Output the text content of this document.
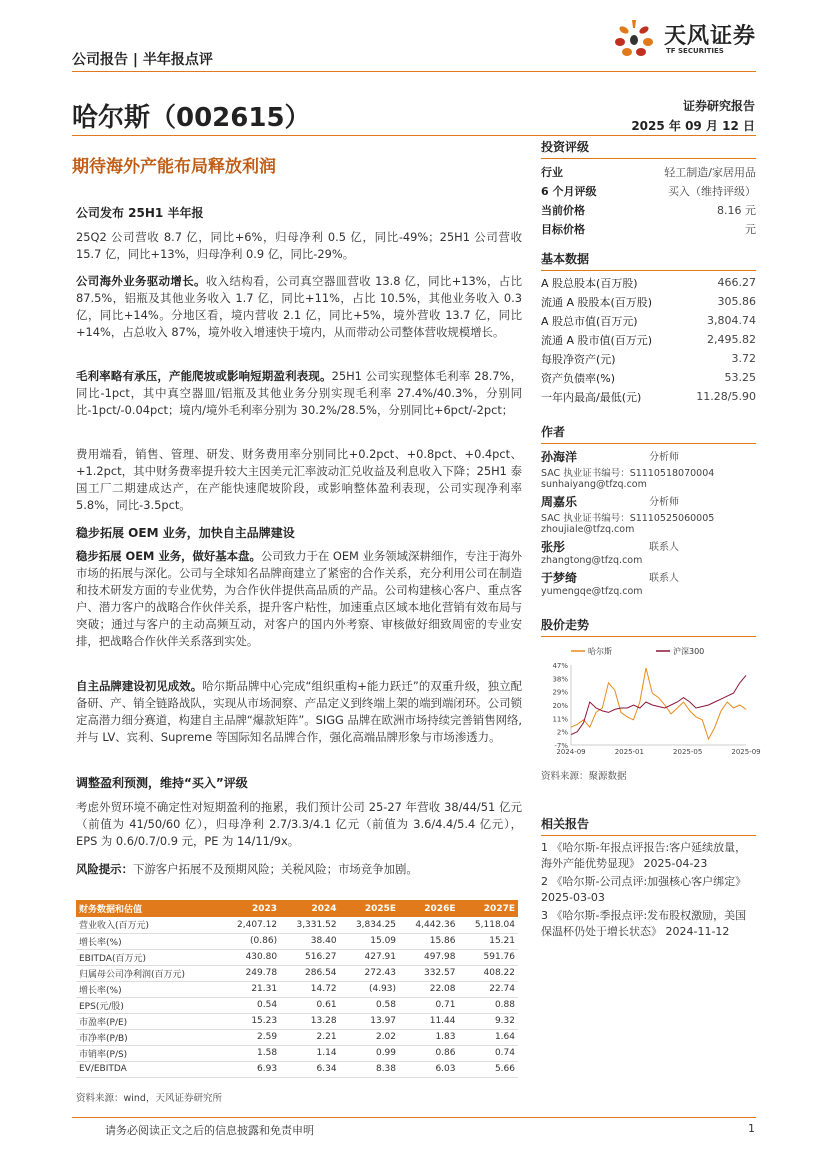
天风证券
TF SECURITIES
公司报告 | 半年报点评
哈尔斯（002615）	证券研究报告
2025 年 09 月 12 日
期待海外产能布局释放利润
公司发布 25H1 半年报
25Q2 公司营收 8.7 亿，同比+6%，归母净利 0.5 亿，同比-49%；25H1 公司营收 15.7 亿，同比+13%，归母净利 0.9 亿，同比-29%。
公司海外业务驱动增长。收入结构看，公司真空器皿营收 13.8 亿，同比+13%，占比 87.5%，铝瓶及其他业务收入 1.7 亿，同比+11%，占比 10.5%，其他业务收入 0.3 亿，同比+14%。分地区看，境内营收 2.1 亿，同比+5%，境外营收 13.7 亿，同比+14%，占总收入 87%，境外收入增速快于境内，从而带动公司整体营收规模增长。
毛利率略有承压，产能爬坡或影响短期盈利表现。25H1 公司实现整体毛利率 28.7%，同比-1pct，其中真空器皿/铝瓶及其他业务分别实现毛利率 27.4%/40.3%，分别同比-1pct/-0.04pct；境内/境外毛利率分别为 30.2%/28.5%，分别同比+6pct/-2pct；
费用端看，销售、管理、研发、财务费用率分别同比+0.2pct、+0.8pct、+0.4pct、+1.2pct，其中财务费率提升较大主因美元汇率波动汇兑收益及利息收入下降；25H1 泰国工厂二期建成达产，在产能快速爬坡阶段，或影响整体盈利表现，公司实现净利率 5.8%，同比-3.5pct。
稳步拓展 OEM 业务，加快自主品牌建设
稳步拓展 OEM 业务，做好基本盘。公司致力于在 OEM 业务领域深耕细作，专注于海外市场的拓展与深化。公司与全球知名品牌商建立了紧密的合作关系，充分利用公司在制造和技术研发方面的专业优势，为合作伙伴提供高品质的产品。公司构建核心客户、重点客户、潜力客户的战略合作伙伴关系，提升客户粘性，加速重点区域本地化营销有效布局与突破；通过与客户的主动高频互动，对客户的国内外考察、审核做好细致周密的专业安排，把战略合作伙伴关系落到实处。
自主品牌建设初见成效。哈尔斯品牌中心完成“组织重构+能力跃迁”的双重升级，独立配备研、产、销全链路战队，实现从市场洞察、产品定义到终端上架的端到端闭环。公司锁定高潜力细分赛道，构建自主品牌“爆款矩阵”。SIGG 品牌在欧洲市场持续完善销售网络,并与 LV、宾利、Supreme 等国际知名品牌合作，强化高端品牌形象与市场渗透力。
调整盈利预测，维持“买入”评级
考虑外贸环境不确定性对短期盈利的拖累，我们预计公司 25-27 年营收 38/44/51 亿元（前值为 41/50/60 亿），归母净利 2.7/3.3/4.1 亿元（前值为 3.6/4.4/5.4 亿元），EPS 为 0.6/0.7/0.9 元，PE 为 14/11/9x。
风险提示：下游客户拓展不及预期风险；关税风险；市场竞争加剧。
财务数据和估值	2023	2024	2025E	2026E	2027E
营业收入(百万元)	2,407.12	3,331.52	3,834.25	4,442.36	5,118.04
增长率(%)	(0.86)	38.40	15.09	15.86	15.21
EBITDA(百万元)	430.80	516.27	427.91	497.98	591.76
归属母公司净利润(百万元)	249.78	286.54	272.43	332.57	408.22
增长率(%)	21.31	14.72	(4.93)	22.08	22.74
EPS(元/股)	0.54	0.61	0.58	0.71	0.88
市盈率(P/E)	15.23	13.28	13.97	11.44	9.32
市净率(P/B)	2.59	2.21	2.02	1.83	1.64
市销率(P/S)	1.58	1.14	0.99	0.86	0.74
EV/EBITDA	6.93	6.34	8.38	6.03	5.66
资料来源：wind，天风证券研究所
投资评级
行业	轻工制造/家居用品
6 个月评级	买入（维持评级）
当前价格	8.16 元
目标价格	元
基本数据
A 股总股本(百万股)	466.27
流通 A 股股本(百万股)	305.86
A 股总市值(百万元)	3,804.74
流通 A 股市值(百万元)	2,495.82
每股净资产(元)	3.72
资产负债率(%)	53.25
一年内最高/最低(元)	11.28/5.90
作者
孙海洋	分析师
SAC 执业证书编号：S1110518070004
sunhaiyang@tfzq.com
周嘉乐	分析师
SAC 执业证书编号：S1110525060005
zhoujiale@tfzq.com
张彤	联系人
zhangtong@tfzq.com
于梦绮	联系人
yumengqe@tfzq.com
股价走势
47%
38%
29%
20%
11%
2%
-7%
2024-09	2025-01	2025-05	2025-09
哈尔斯	沪深300
资料来源：聚源数据
相关报告
1 《哈尔斯-年报点评报告:客户延续放量，海外产能优势显现》 2025-04-23
2 《哈尔斯-公司点评:加强核心客户绑定》 2025-03-03
3 《哈尔斯-季报点评:发布股权激励，美国保温杯仍处于增长状态》 2024-11-12
请务必阅读正文之后的信息披露和免责申明	1
